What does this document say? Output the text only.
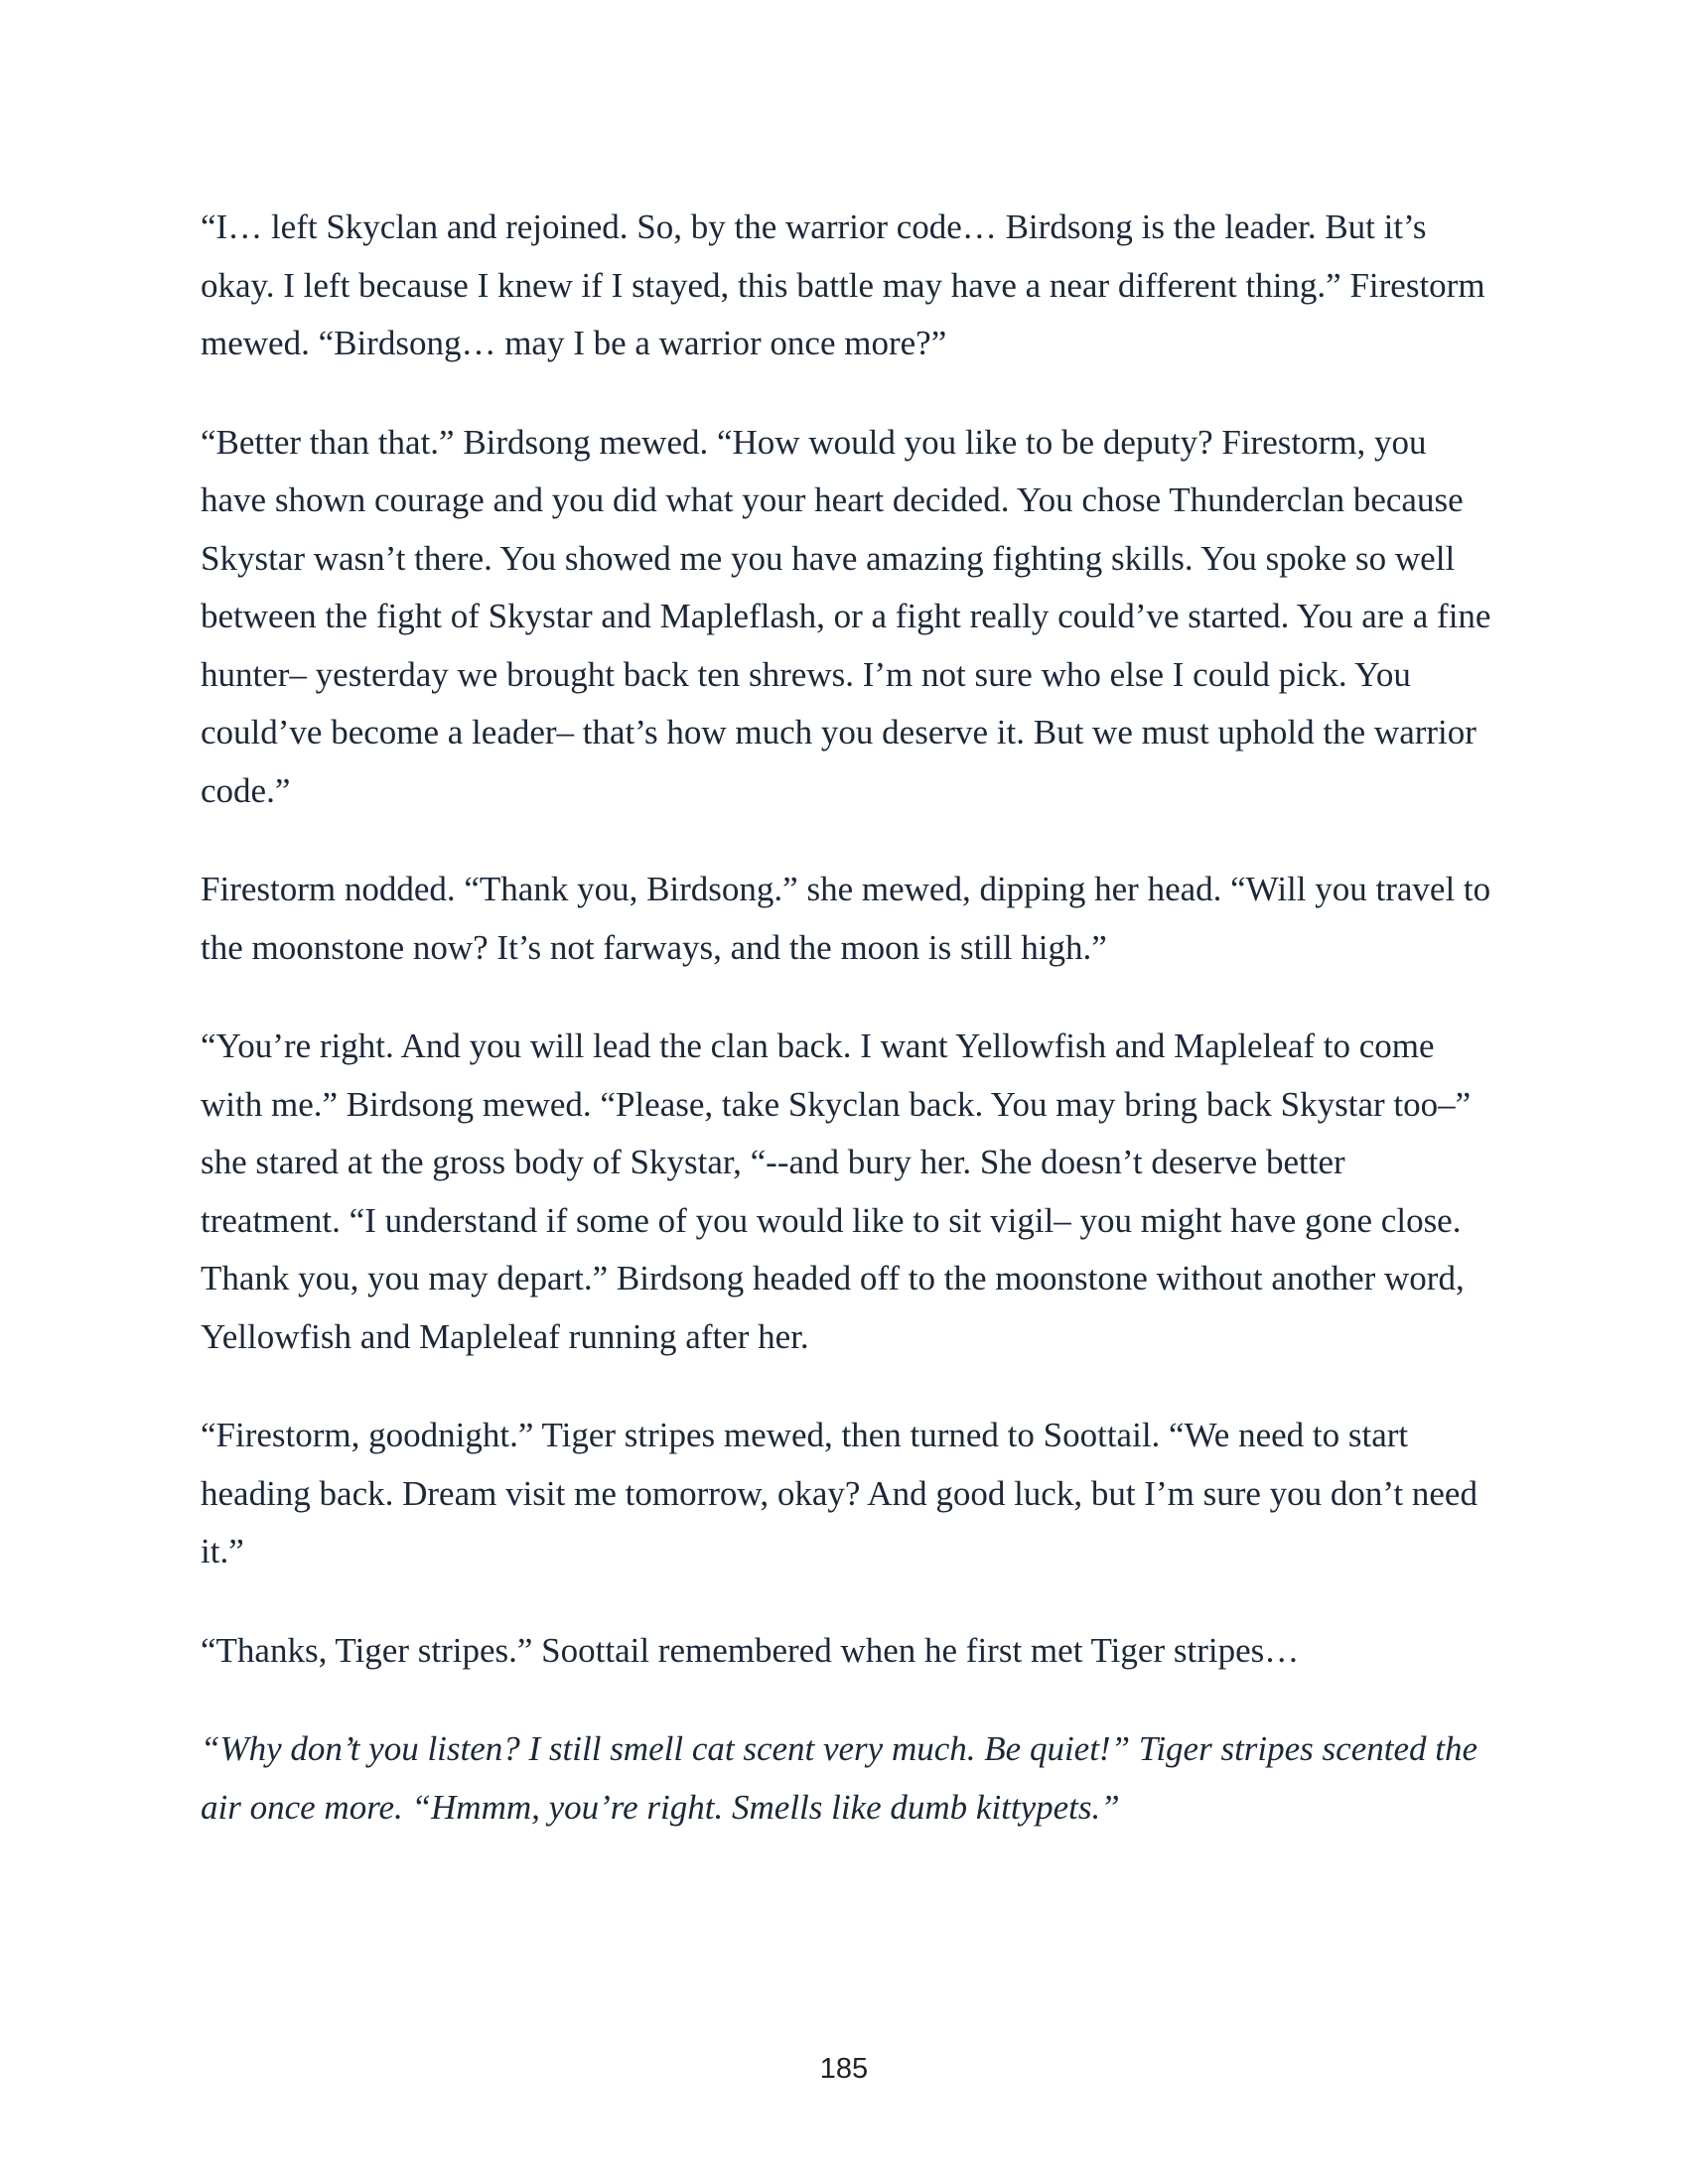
“I… left Skyclan and rejoined. So, by the warrior code… Birdsong is the leader. But it’s okay. I left because I knew if I stayed, this battle may have a near different thing.” Firestorm mewed. “Birdsong… may I be a warrior once more?”

“Better than that.” Birdsong mewed. “How would you like to be deputy? Firestorm, you have shown courage and you did what your heart decided. You chose Thunderclan because Skystar wasn’t there. You showed me you have amazing fighting skills. You spoke so well between the fight of Skystar and Mapleflash, or a fight really could’ve started. You are a fine hunter– yesterday we brought back ten shrews. I’m not sure who else I could pick. You could’ve become a leader– that’s how much you deserve it. But we must uphold the warrior code.”

Firestorm nodded. “Thank you, Birdsong.” she mewed, dipping her head. “Will you travel to the moonstone now? It’s not farways, and the moon is still high.”

“You’re right. And you will lead the clan back. I want Yellowfish and Mapleleaf to come with me.” Birdsong mewed. “Please, take Skyclan back. You may bring back Skystar too–” she stared at the gross body of Skystar, “--and bury her. She doesn’t deserve better treatment. “I understand if some of you would like to sit vigil– you might have gone close. Thank you, you may depart.” Birdsong headed off to the moonstone without another word, Yellowfish and Mapleleaf running after her.

“Firestorm, goodnight.” Tiger stripes mewed, then turned to Soottail. “We need to start heading back. Dream visit me tomorrow, okay? And good luck, but I’m sure you don’t need it.”

“Thanks, Tiger stripes.” Soottail remembered when he first met Tiger stripes…

“Why don’t you listen? I still smell cat scent very much. Be quiet!” Tiger stripes scented the air once more. “Hmmm, you’re right. Smells like dumb kittypets.”

185
